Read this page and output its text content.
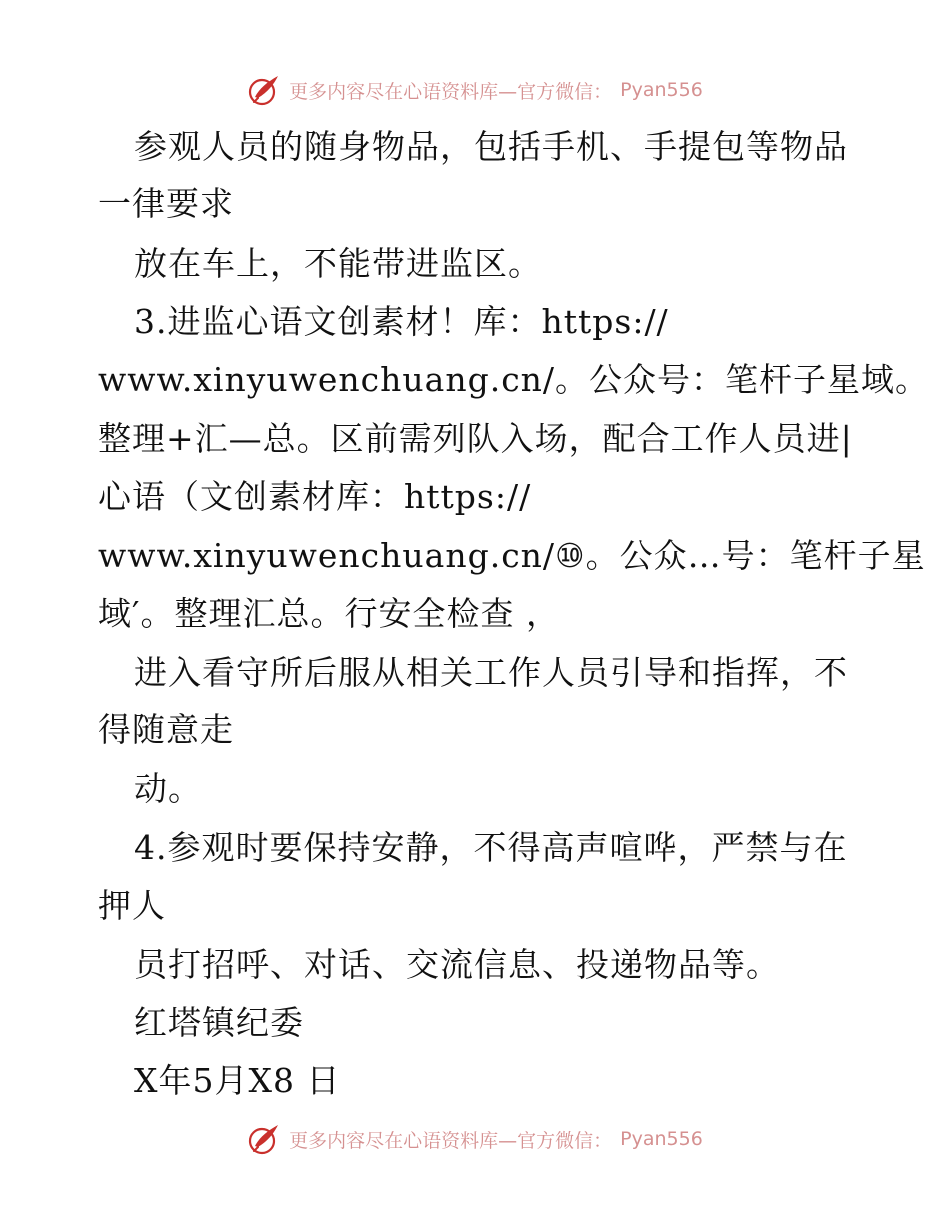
更多内容尽在心语资料库—官方微信： Pyan556
参观人员的随身物品，包括手机、手提包等物品
一律要求
放在车上，不能带进监区。
3.进监心语文创素材！库：https://
www.xinyuwenchuang.cn/。公众号：笔杆子星域。
整理+汇—总。区前需列队入场，配合工作人员进|
心语（文创素材库：https://
www.xinyuwenchuang.cn/⑩。公众…号：笔杆子星
域′。整理汇总。行安全检查 ，
进入看守所后服从相关工作人员引导和指挥，不
得随意走
动。
4.参观时要保持安静，不得高声喧哗，严禁与在
押人
员打招呼、对话、交流信息、投递物品等。
红塔镇纪委
X年5月X8 日
更多内容尽在心语资料库—官方微信： Pyan556
